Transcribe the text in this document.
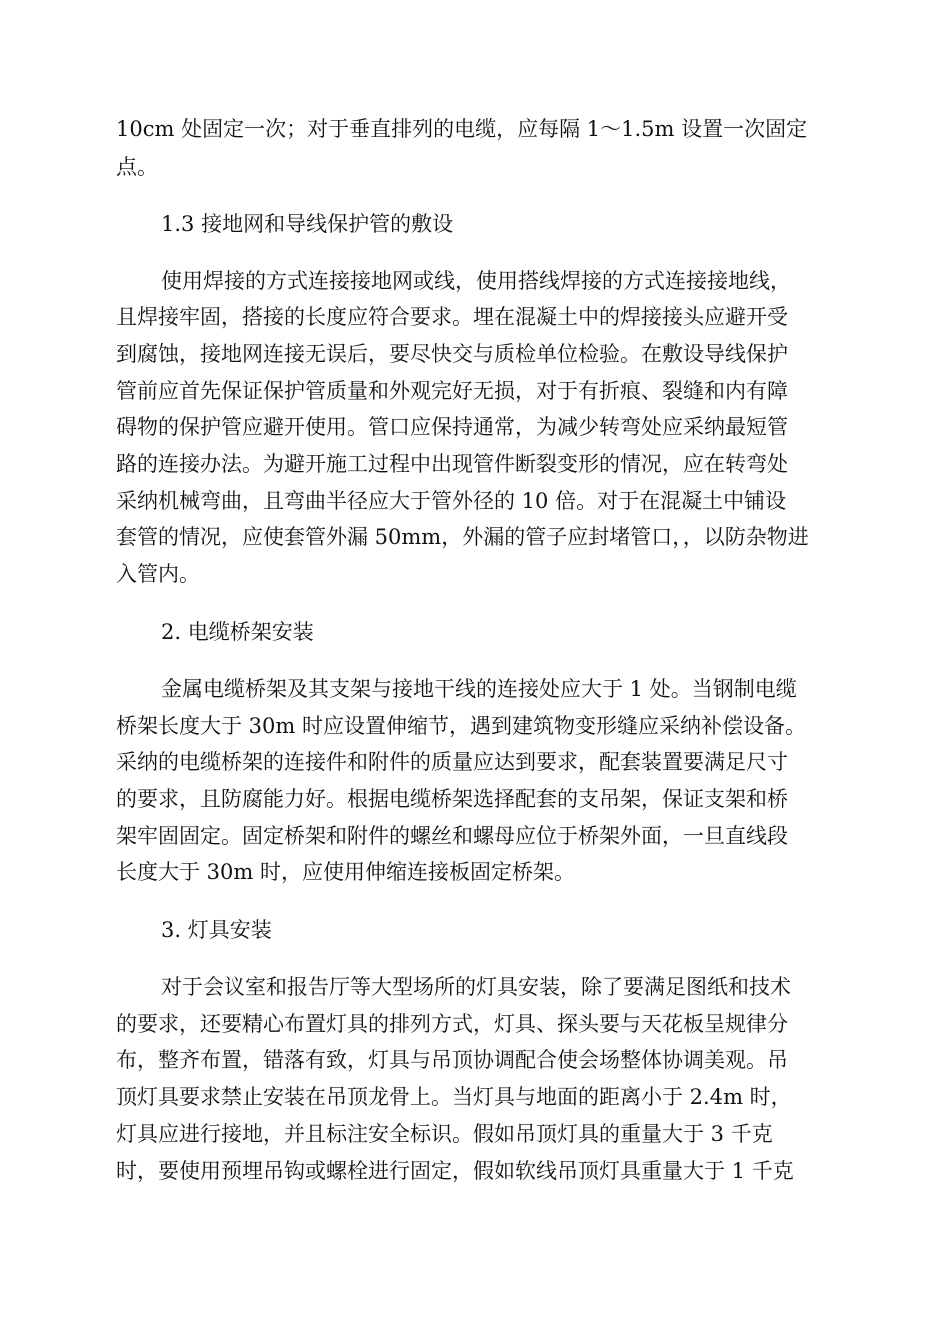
10cm 处固定一次；对于垂直排列的电缆，应每隔 1～1.5m 设置一次固定
点。
1.3 接地网和导线保护管的敷设
使用焊接的方式连接接地网或线，使用搭线焊接的方式连接接地线，
且焊接牢固，搭接的长度应符合要求。埋在混凝土中的焊接接头应避开受
到腐蚀，接地网连接无误后，要尽快交与质检单位检验。在敷设导线保护
管前应首先保证保护管质量和外观完好无损，对于有折痕、裂缝和内有障
碍物的保护管应避开使用。管口应保持通常，为减少转弯处应采纳最短管
路的连接办法。为避开施工过程中出现管件断裂变形的情况，应在转弯处
采纳机械弯曲，且弯曲半径应大于管外径的 10 倍。对于在混凝土中铺设
套管的情况，应使套管外漏 50mm，外漏的管子应封堵管口，，以防杂物进
入管内。
2. 电缆桥架安装
金属电缆桥架及其支架与接地干线的连接处应大于 1 处。当钢制电缆
桥架长度大于 30m 时应设置伸缩节，遇到建筑物变形缝应采纳补偿设备。
采纳的电缆桥架的连接件和附件的质量应达到要求，配套装置要满足尺寸
的要求，且防腐能力好。根据电缆桥架选择配套的支吊架，保证支架和桥
架牢固固定。固定桥架和附件的螺丝和螺母应位于桥架外面，一旦直线段
长度大于 30m 时，应使用伸缩连接板固定桥架。
3. 灯具安装
对于会议室和报告厅等大型场所的灯具安装，除了要满足图纸和技术
的要求，还要精心布置灯具的排列方式，灯具、探头要与天花板呈规律分
布，整齐布置，错落有致，灯具与吊顶协调配合使会场整体协调美观。吊
顶灯具要求禁止安装在吊顶龙骨上。当灯具与地面的距离小于 2.4m 时，
灯具应进行接地，并且标注安全标识。假如吊顶灯具的重量大于 3 千克
时，要使用预埋吊钩或螺栓进行固定，假如软线吊顶灯具重量大于 1 千克
